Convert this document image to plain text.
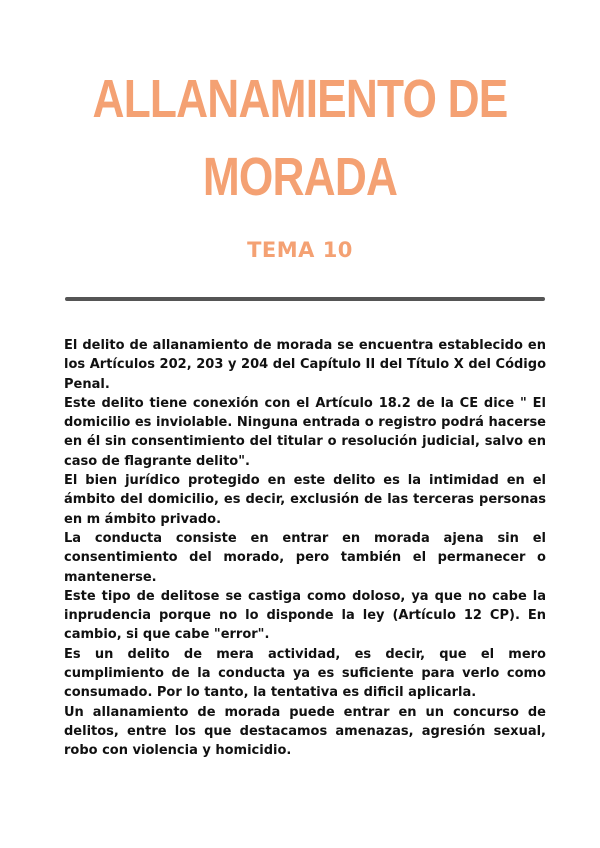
ALLANAMIENTO DE
MORADA
TEMA 10

El delito de allanamiento de morada se encuentra establecido en los Artículos 202, 203 y 204 del Capítulo II del Título X del Código Penal.

Este delito tiene conexión con el Artículo 18.2 de la CE dice " El domicilio es inviolable. Ninguna entrada o registro podrá hacerse en él sin consentimiento del titular o resolución judicial, salvo en caso de flagrante delito".

El bien jurídico protegido en este delito es la intimidad en el ámbito del domicilio, es decir, exclusión de las terceras personas en m ámbito privado.

La conducta consiste en entrar en morada ajena sin el consentimiento del morado, pero también el permanecer o mantenerse.

Este tipo de delitose se castiga como doloso, ya que no cabe la inprudencia porque no lo disponde la ley (Artículo 12 CP). En cambio, si que cabe "error".

Es un delito de mera actividad, es decir, que el mero cumplimiento de la conducta ya es suficiente para verlo como consumado. Por lo tanto, la tentativa es dificil aplicarla.

Un allanamiento de morada puede entrar en un concurso de delitos, entre los que destacamos amenazas, agresión sexual, robo con violencia y homicidio.
